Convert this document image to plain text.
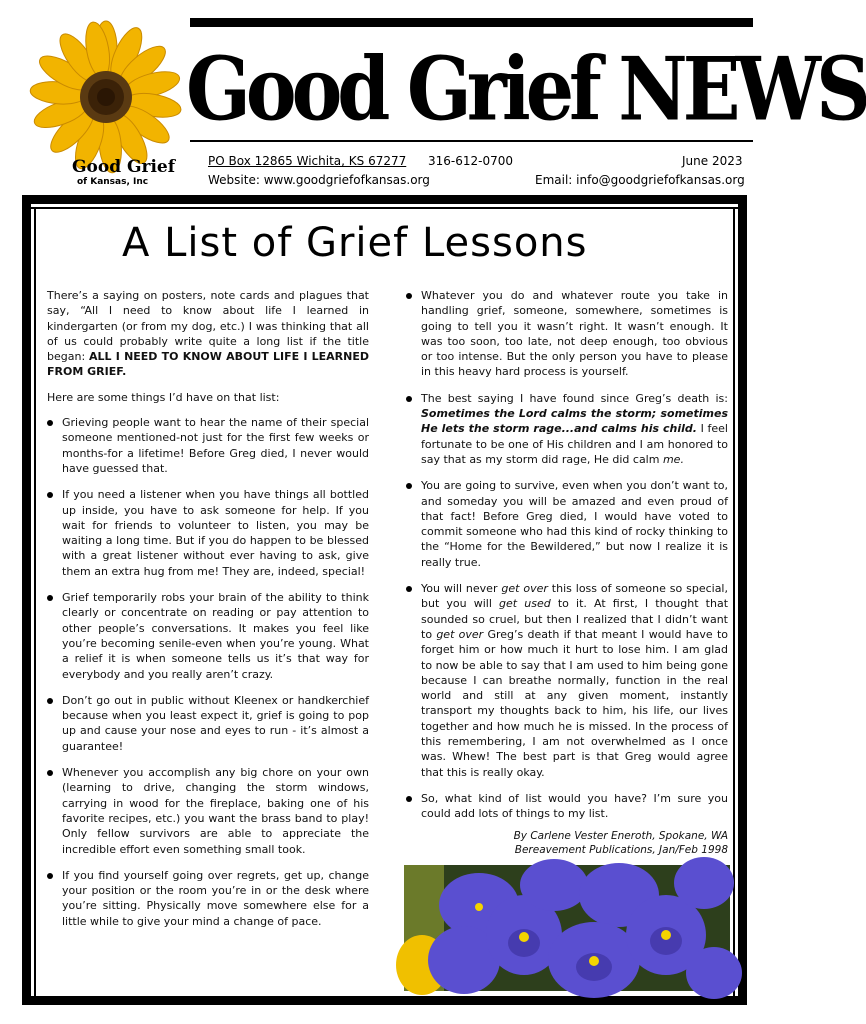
Good Grief
of Kansas, Inc
Good Grief NEWS
PO Box 12865 Wichita, KS 67277 316-612-0700	June 2023
Website: www.goodgriefofkansas.org	Email: info@goodgriefofkansas.org
A List of Grief Lessons

There’s a saying on posters, note cards and plagues that say, “All I need to know about life I learned in kindergarten (or from my dog, etc.) I was thinking that all of us could probably write quite a long list if the title began: ALL I NEED TO KNOW ABOUT LIFE I LEARNED FROM GRIEF.

Here are some things I’d have on that list:

Grieving people want to hear the name of their special someone mentioned-not just for the first few weeks or months-for a lifetime! Before Greg died, I never would have guessed that.
If you need a listener when you have things all bottled up inside, you have to ask someone for help. If you wait for friends to volunteer to listen, you may be waiting a long time. But if you do happen to be blessed with a great listener without ever having to ask, give them an extra hug from me! They are, indeed, special!
Grief temporarily robs your brain of the ability to think clearly or concentrate on reading or pay attention to other people’s conversations. It makes you feel like you’re becoming senile-even when you’re young. What a relief it is when someone tells us it’s that way for everybody and you really aren’t crazy.
Don’t go out in public without Kleenex or handkerchief because when you least expect it, grief is going to pop up and cause your nose and eyes to run - it’s almost a guarantee!
Whenever you accomplish any big chore on your own (learning to drive, changing the storm windows, carrying in wood for the fireplace, baking one of his favorite recipes, etc.) you want the brass band to play! Only fellow survivors are able to appreciate the incredible effort even something small took.
If you find yourself going over regrets, get up, change your position or the room you’re in or the desk where you’re sitting. Physically move somewhere else for a little while to give your mind a change of pace.
Whatever you do and whatever route you take in handling grief, someone, somewhere, sometimes is going to tell you it wasn’t right. It wasn’t enough. It was too soon, too late, not deep enough, too obvious or too intense. But the only person you have to please in this heavy hard process is yourself.
The best saying I have found since Greg’s death is: Sometimes the Lord calms the storm; sometimes He lets the storm rage...and calms his child. I feel fortunate to be one of His children and I am honored to say that as my storm did rage, He did calm me.
You are going to survive, even when you don’t want to, and someday you will be amazed and even proud of that fact! Before Greg died, I would have voted to commit someone who had this kind of rocky thinking to the “Home for the Bewildered,” but now I realize it is really true.
You will never get over this loss of someone so special, but you will get used to it. At first, I thought that sounded so cruel, but then I realized that I didn’t want to get over Greg’s death if that meant I would have to forget him or how much it hurt to lose him. I am glad to now be able to say that I am used to him being gone because I can breathe normally, function in the real world and still at any given moment, instantly transport my thoughts back to him, his life, our lives together and how much he is missed. In the process of this remembering, I am not overwhelmed as I once was. Whew! The best part is that Greg would agree that this is really okay.
So, what kind of list would you have? I’m sure you could add lots of things to my list.
By Carlene Vester Eneroth, Spokane, WA
Bereavement Publications, Jan/Feb 1998
